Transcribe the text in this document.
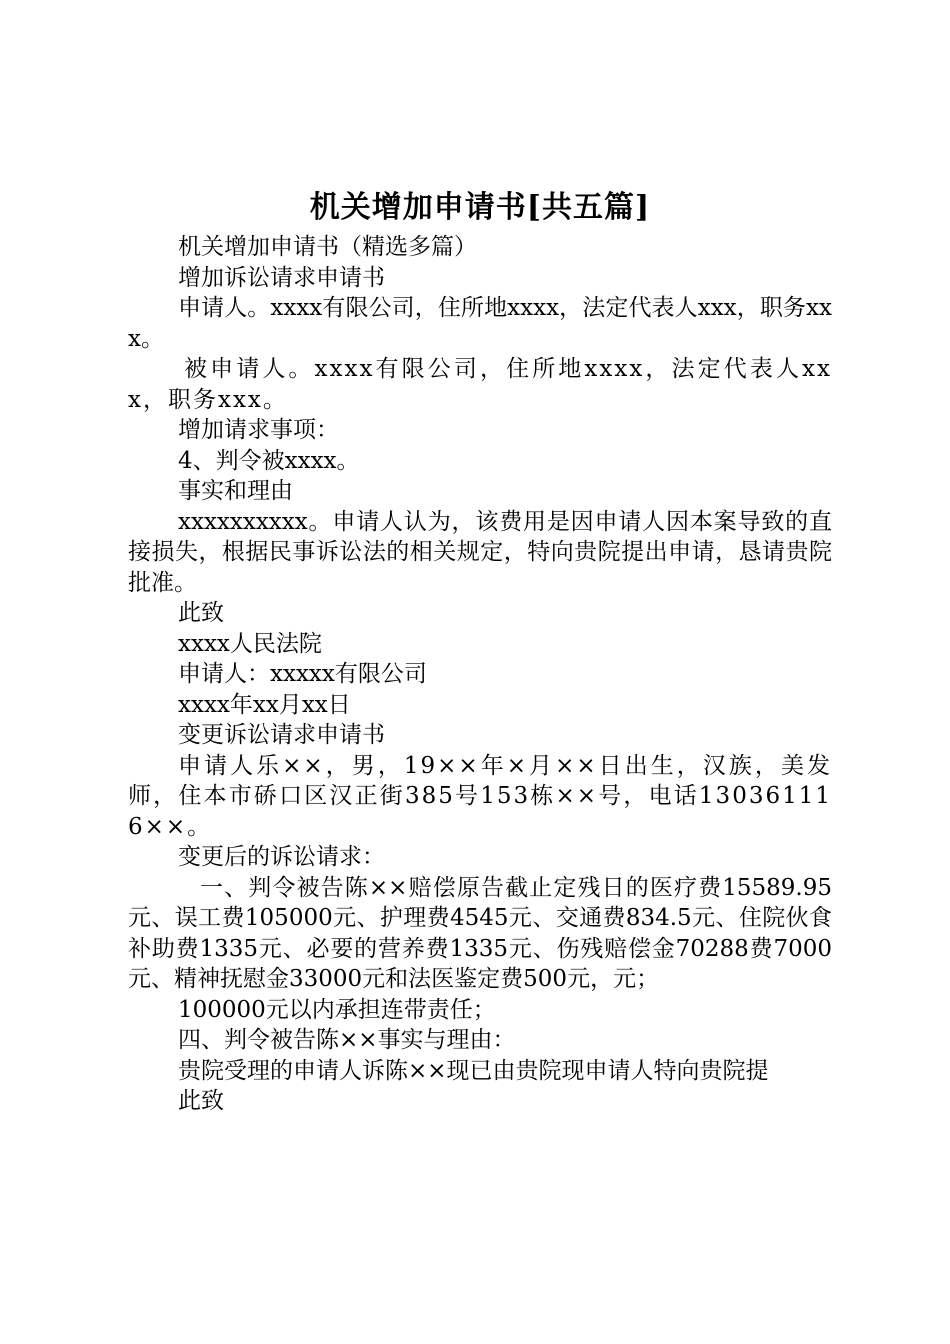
机关增加申请书[共五篇]

机关增加申请书（精选多篇）

增加诉讼请求申请书

申请人。xxxx有限公司，住所地xxxx，法定代表人xxx，职务xxx。

被申请人。xxxx有限公司，住所地xxxx，法定代表人xxx，职务xxx。

增加请求事项：

4、判令被xxxx。

事实和理由

xxxxxxxxxx。申请人认为，该费用是因申请人因本案导致的直接损失，根据民事诉讼法的相关规定，特向贵院提出申请，恳请贵院批准。

此致

xxxx人民法院

申请人：xxxxx有限公司

xxxx年xx月xx日

变更诉讼请求申请书

申请人乐××，男，19××年×月××日出生，汉族，美发师，住本市硚口区汉正街385号153栋××号，电话130361116××。

变更后的诉讼请求：

一、判令被告陈××赔偿原告截止定残日的医疗费15589.95元、误工费105000元、护理费4545元、交通费834.5元、住院伙食补助费1335元、必要的营养费1335元、伤残赔偿金70288费7000元、精神抚慰金33000元和法医鉴定费500元，元；

100000元以内承担连带责任；

四、判令被告陈××事实与理由：

贵院受理的申请人诉陈××现已由贵院现申请人特向贵院提

此致
